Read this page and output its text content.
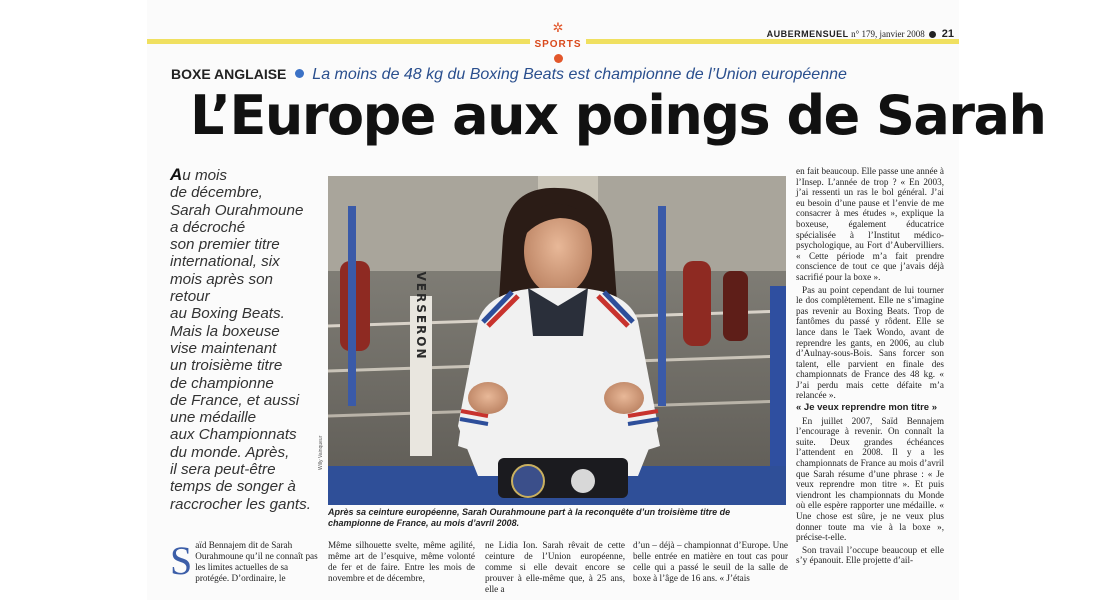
✲
SPORTS
AUBERMENSUEL n° 179, janvier 2008 21
BOXE ANGLAISE La moins de 48 kg du Boxing Beats est championne de l’Union européenne
L’Europe aux poings de Sarah

Au mois
de décembre,
Sarah Ourahmoune
a décroché
son premier titre
international, six
mois après son
retour
au Boxing Beats.
Mais la boxeuse
vise maintenant
un troisième titre
de championne
de France, et aussi
une médaille
aux Championnats
du monde. Après,
il sera peut-être
temps de songer à
raccrocher les gants.

VERSERON
Willy Vainqueur
Après sa ceinture européenne, Sarah Ourahmoune part à la reconquête d’un troisième titre de championne de France, au mois d’avril 2008.

en fait beaucoup. Elle passe une année à l’Insep. L’année de trop ? « En 2003, j’ai ressenti un ras le bol général. J’ai eu besoin d’une pause et l’envie de me consacrer à mes études », explique la boxeuse, également éducatrice spécialisée à l’Institut médico-psychologique, au Fort d’Aubervilliers. « Cette période m’a fait prendre conscience de tout ce que j’avais déjà sacrifié pour la boxe ».

Pas au point cependant de lui tourner le dos complètement. Elle ne s’imagine pas revenir au Boxing Beats. Trop de fantômes du passé y rôdent. Elle se lance dans le Taek Wondo, avant de reprendre les gants, en 2006, au club d’Aulnay-sous-Bois. Sans forcer son talent, elle parvient en finale des championnats de France des 48 kg. « J’ai perdu mais cette défaite m’a relancée ».

« Je veux reprendre mon titre »

En juillet 2007, Saïd Bennajem l’encourage à revenir. On connaît la suite. Deux grandes échéances l’attendent en 2008. Il y a les championnats de France au mois d’avril que Sarah résume d’une phrase : « Je veux reprendre mon titre ». Et puis viendront les championnats du Monde où elle espère rapporter une médaille. « Une chose est sûre, je ne veux plus donner toute ma vie à la boxe », précise-t-elle.

Son travail l’occupe beaucoup et elle s’y épanouit. Elle projette d’ail-

Saïd Bennajem dit de Sarah Ourahmoune qu’il ne connaît pas les limites actuelles de sa protégée. D’ordinaire, le
Même silhouette svelte, même agilité, même art de l’esquive, même volonté de fer et de faire. Entre les mois de novembre et de décembre,
ne Lidia Ion. Sarah rêvait de cette ceinture de l’Union européenne, comme si elle devait encore se prouver à elle-même que, à 25 ans, elle a
d’un – déjà – championnat d’Europe. Une belle entrée en matière en tout cas pour celle qui a passé le seuil de la salle de boxe à l’âge de 16 ans. « J’étais
